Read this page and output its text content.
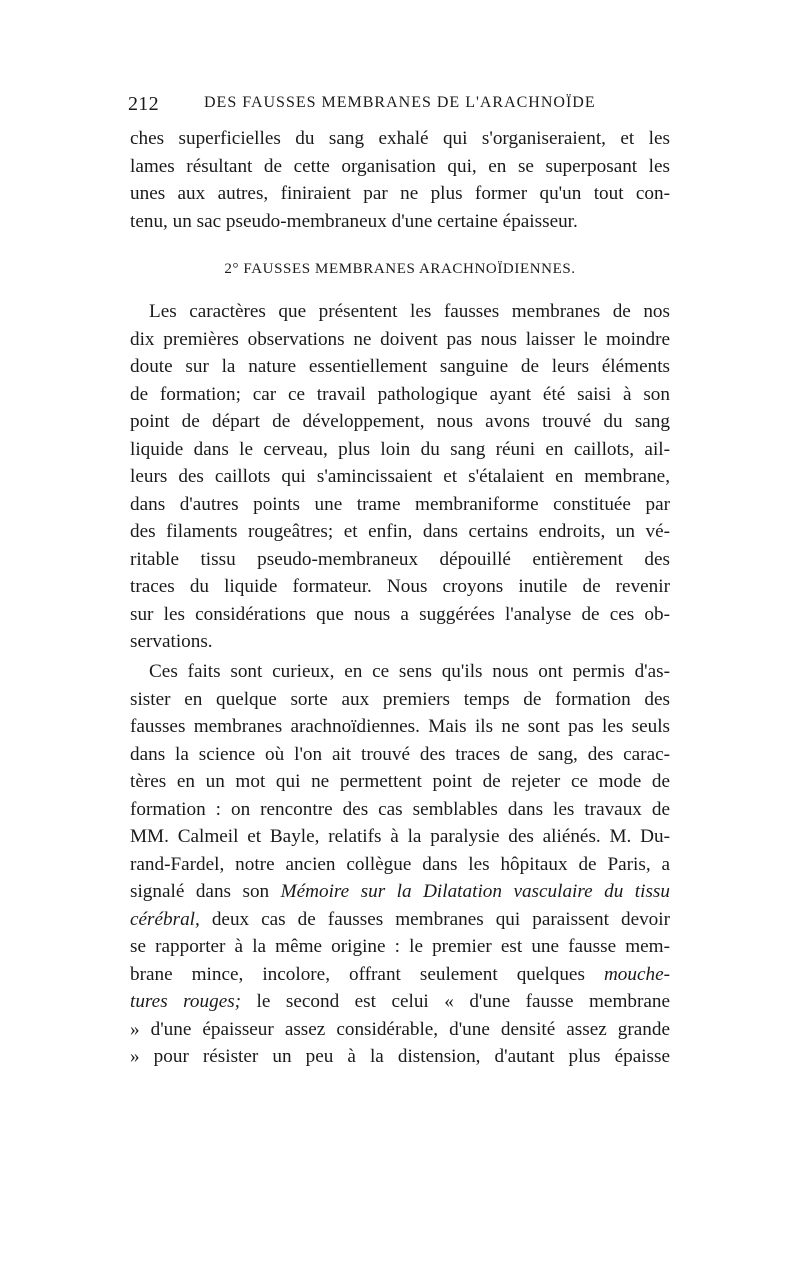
212	DES FAUSSES MEMBRANES DE L'ARACHNOÏDE
ches superficielles du sang exhalé qui s'organiseraient, et les
lames résultant de cette organisation qui, en se superposant les
unes aux autres, finiraient par ne plus former qu'un tout con-
tenu, un sac pseudo-membraneux d'une certaine épaisseur.
2° FAUSSES MEMBRANES ARACHNOÏDIENNES.
Les caractères que présentent les fausses membranes de nos
dix premières observations ne doivent pas nous laisser le moindre
doute sur la nature essentiellement sanguine de leurs éléments
de formation; car ce travail pathologique ayant été saisi à son
point de départ de développement, nous avons trouvé du sang
liquide dans le cerveau, plus loin du sang réuni en caillots, ail-
leurs des caillots qui s'amincissaient et s'étalaient en membrane,
dans d'autres points une trame membraniforme constituée par
des filaments rougeâtres; et enfin, dans certains endroits, un vé-
ritable tissu pseudo-membraneux dépouillé entièrement des
traces du liquide formateur. Nous croyons inutile de revenir
sur les considérations que nous a suggérées l'analyse de ces ob-
servations.
Ces faits sont curieux, en ce sens qu'ils nous ont permis d'as-
sister en quelque sorte aux premiers temps de formation des
fausses membranes arachnoïdiennes. Mais ils ne sont pas les seuls
dans la science où l'on ait trouvé des traces de sang, des carac-
tères en un mot qui ne permettent point de rejeter ce mode de
formation : on rencontre des cas semblables dans les travaux de
MM. Calmeil et Bayle, relatifs à la paralysie des aliénés. M. Du-
rand-Fardel, notre ancien collègue dans les hôpitaux de Paris, a
signalé dans son Mémoire sur la Dilatation vasculaire du tissu
cérébral, deux cas de fausses membranes qui paraissent devoir
se rapporter à la même origine : le premier est une fausse mem-
brane mince, incolore, offrant seulement quelques mouche-
tures rouges; le second est celui « d'une fausse membrane
» d'une épaisseur assez considérable, d'une densité assez grande
» pour résister un peu à la distension, d'autant plus épaisse
